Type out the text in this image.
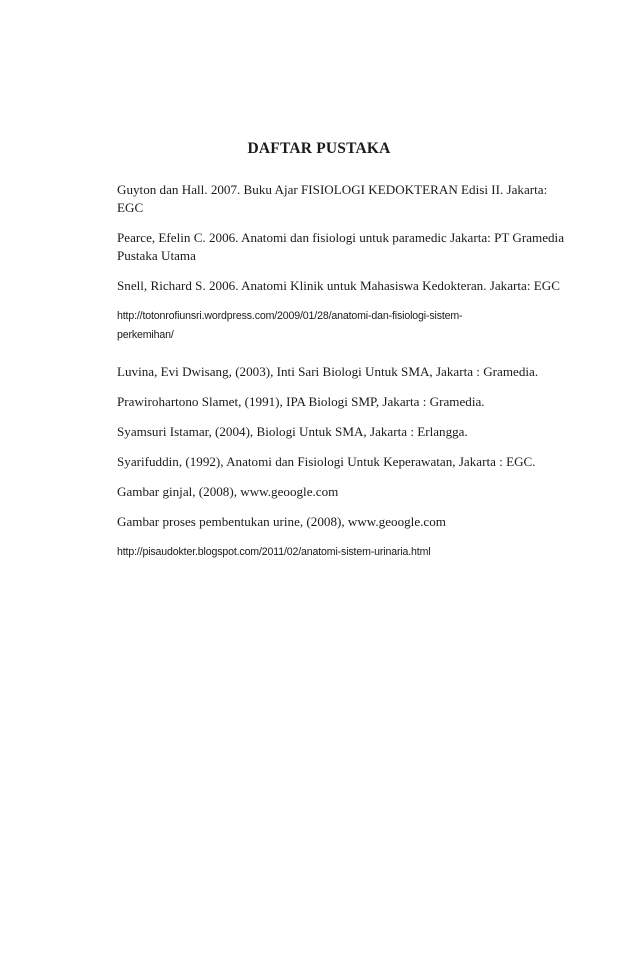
DAFTAR PUSTAKA

Guyton dan Hall. 2007. Buku Ajar FISIOLOGI KEDOKTERAN Edisi II. Jakarta:
EGC

Pearce, Efelin C. 2006. Anatomi dan fisiologi untuk paramedic Jakarta: PT Gramedia
Pustaka Utama

Snell, Richard S. 2006. Anatomi Klinik untuk Mahasiswa Kedokteran. Jakarta: EGC

http://totonrofiunsri.wordpress.com/2009/01/28/anatomi-dan-fisiologi-sistem-
perkemihan/

Luvina, Evi Dwisang, (2003), Inti Sari Biologi Untuk SMA, Jakarta : Gramedia.

Prawirohartono Slamet, (1991), IPA Biologi SMP, Jakarta : Gramedia.

Syamsuri Istamar, (2004), Biologi Untuk SMA, Jakarta : Erlangga.

Syarifuddin, (1992), Anatomi dan Fisiologi Untuk Keperawatan, Jakarta : EGC.

Gambar ginjal, (2008), www.geoogle.com

Gambar proses pembentukan urine, (2008), www.geoogle.com

http://pisaudokter.blogspot.com/2011/02/anatomi-sistem-urinaria.html
